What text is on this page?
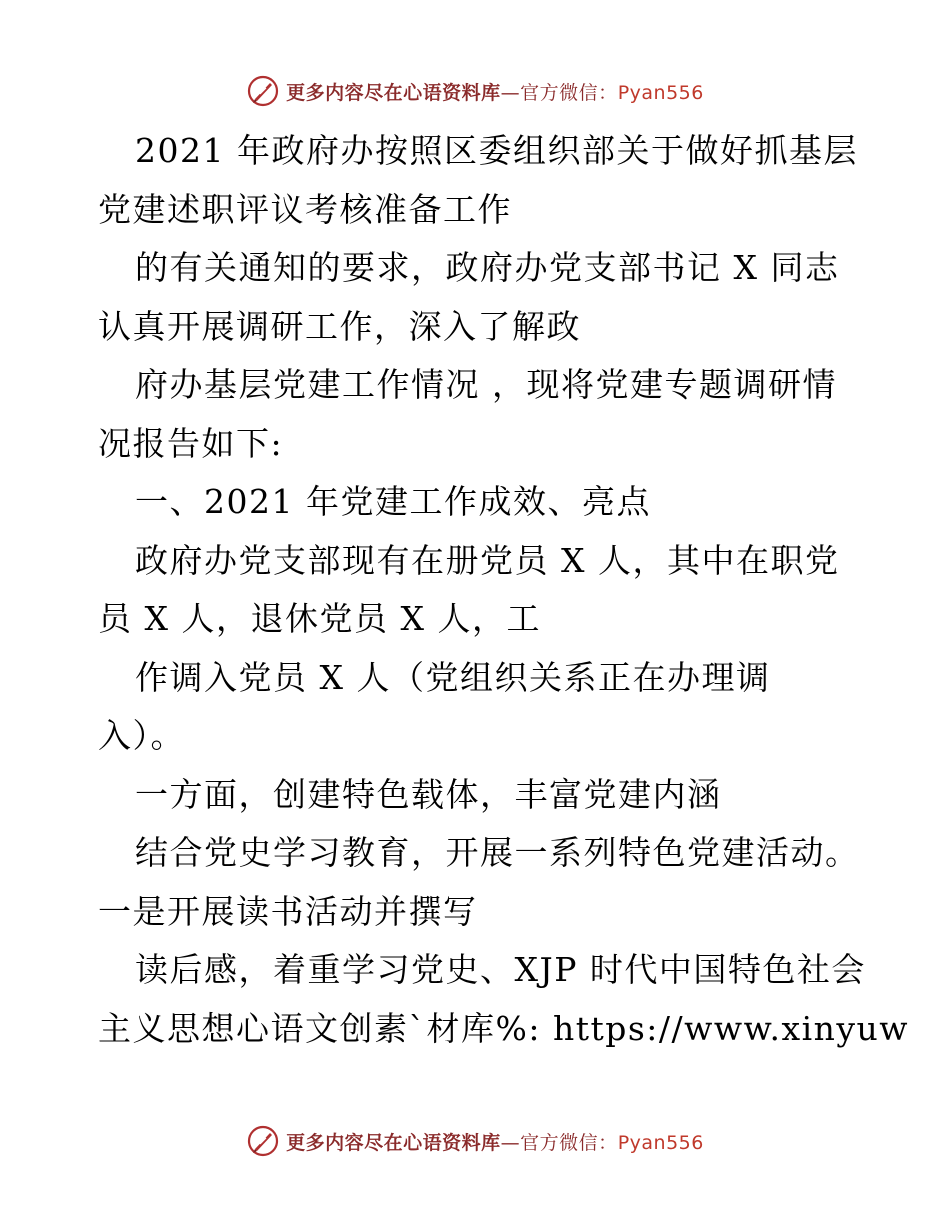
更多内容尽在心语资料库—官方微信：Pyan556
2021 年政府办按照区委组织部关于做好抓基层
党建述职评议考核准备工作
的有关通知的要求，政府办党支部书记 X 同志
认真开展调研工作，深入了解政
府办基层党建工作情况 ，现将党建专题调研情
况报告如下:
一、2021 年党建工作成效、亮点
政府办党支部现有在册党员 X 人，其中在职党
员 X 人，退休党员 X 人，工
作调入党员 X 人（党组织关系正在办理调
入）。
一方面，创建特色载体，丰富党建内涵
结合党史学习教育，开展一系列特色党建活动。
一是开展读书活动并撰写
读后感，着重学习党史、XJP 时代中国特色社会
主义思想心语文创素`材库%: https://www.xinyuw
更多内容尽在心语资料库—官方微信：Pyan556
